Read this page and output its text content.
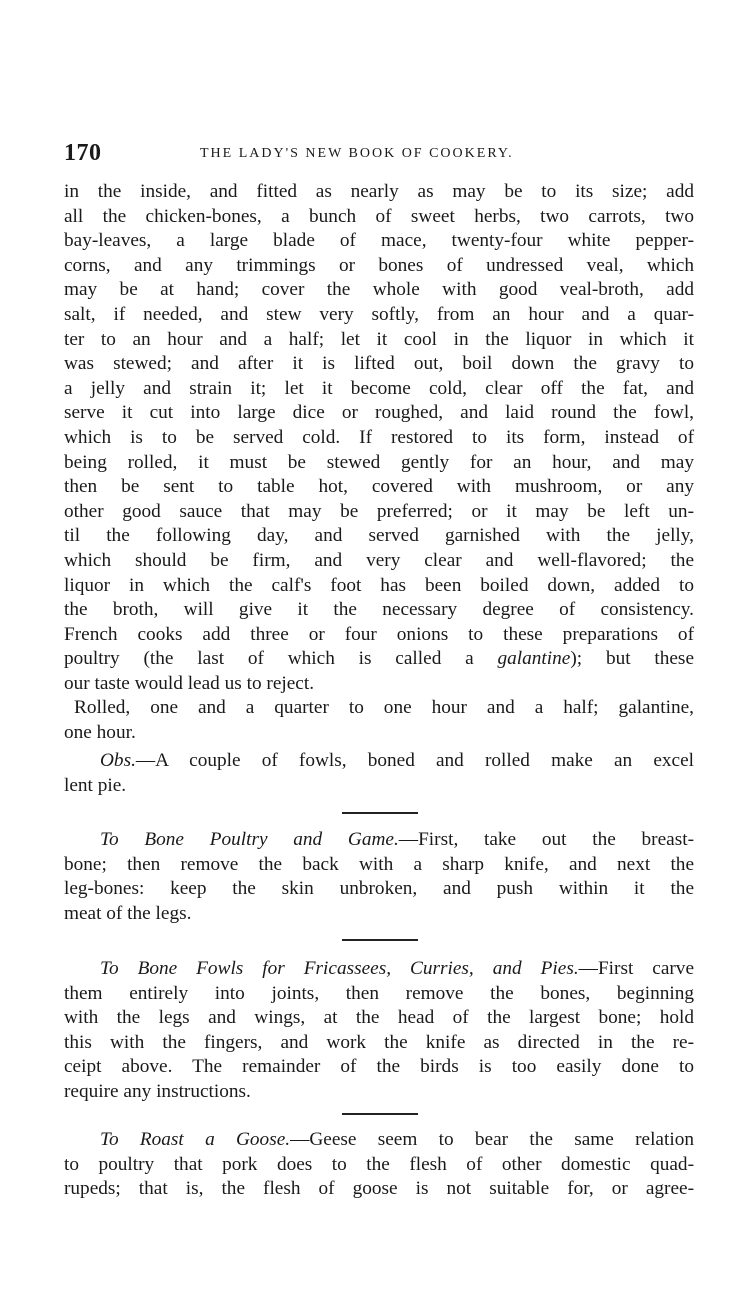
170	THE LADY'S NEW BOOK OF COOKERY.
in the inside, and fitted as nearly as may be to its size; add
all the chicken-bones, a bunch of sweet herbs, two carrots, two
bay-leaves, a large blade of mace, twenty-four white pepper-
corns, and any trimmings or bones of undressed veal, which
may be at hand; cover the whole with good veal-broth, add
salt, if needed, and stew very softly, from an hour and a quar-
ter to an hour and a half; let it cool in the liquor in which it
was stewed; and after it is lifted out, boil down the gravy to
a jelly and strain it; let it become cold, clear off the fat, and
serve it cut into large dice or roughed, and laid round the fowl,
which is to be served cold. If restored to its form, instead of
being rolled, it must be stewed gently for an hour, and may
then be sent to table hot, covered with mushroom, or any
other good sauce that may be preferred; or it may be left un-
til the following day, and served garnished with the jelly,
which should be firm, and very clear and well-flavored; the
liquor in which the calf's foot has been boiled down, added to
the broth, will give it the necessary degree of consistency.
French cooks add three or four onions to these preparations of
poultry (the last of which is called a galantine); but these
our taste would lead us to reject.
Rolled, one and a quarter to one hour and a half; galantine,
one hour.
Obs.—A couple of fowls, boned and rolled make an excel
lent pie.
To Bone Poultry and Game.—First, take out the breast-
bone; then remove the back with a sharp knife, and next the
leg-bones: keep the skin unbroken, and push within it the
meat of the legs.
To Bone Fowls for Fricassees, Curries, and Pies.—First carve
them entirely into joints, then remove the bones, beginning
with the legs and wings, at the head of the largest bone; hold
this with the fingers, and work the knife as directed in the re-
ceipt above. The remainder of the birds is too easily done to
require any instructions.
To Roast a Goose.—Geese seem to bear the same relation
to poultry that pork does to the flesh of other domestic quad-
rupeds; that is, the flesh of goose is not suitable for, or agree-
